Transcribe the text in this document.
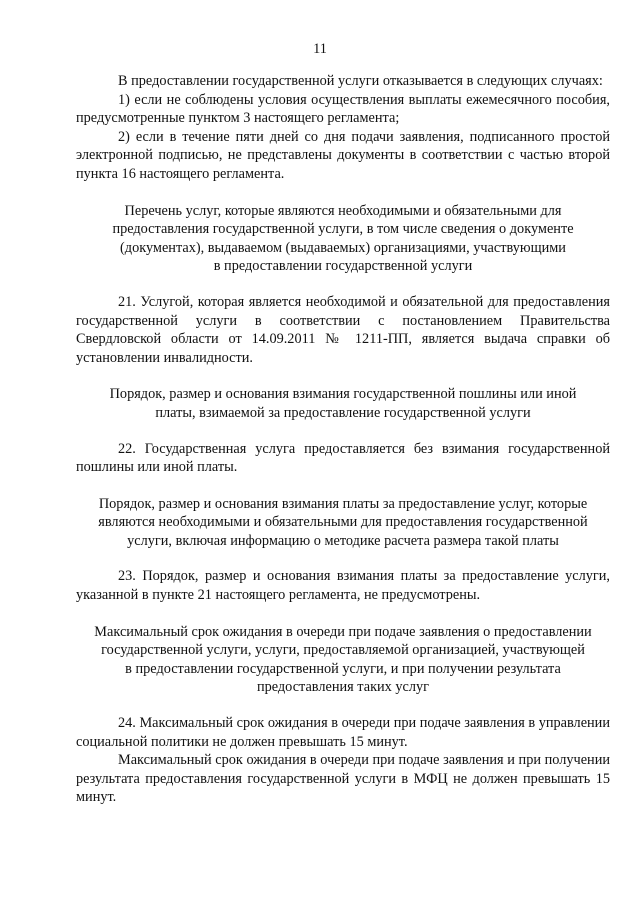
11

В предоставлении государственной услуги отказывается в следующих случаях:

1) если не соблюдены условия осуществления выплаты ежемесячного пособия, предусмотренные пунктом 3 настоящего регламента;

2) если в течение пяти дней со дня подачи заявления, подписанного простой электронной подписью, не представлены документы в соответствии с частью второй пункта 16 настоящего регламента.

Перечень услуг, которые являются необходимыми и обязательными для
предоставления государственной услуги, в том числе сведения о документе
(документах), выдаваемом (выдаваемых) организациями, участвующими
в предоставлении государственной услуги

21. Услугой, которая является необходимой и обязательной для предоставления государственной услуги в соответствии с постановлением Правительства Свердловской области от 14.09.2011 № 1211-ПП, является выдача справки об установлении инвалидности.

Порядок, размер и основания взимания государственной пошлины или иной
платы, взимаемой за предоставление государственной услуги

22. Государственная услуга предоставляется без взимания государственной пошлины или иной платы.

Порядок, размер и основания взимания платы за предоставление услуг, которые
являются необходимыми и обязательными для предоставления государственной
услуги, включая информацию о методике расчета размера такой платы

23. Порядок, размер и основания взимания платы за предоставление услуги, указанной в пункте 21 настоящего регламента, не предусмотрены.

Максимальный срок ожидания в очереди при подаче заявления о предоставлении
государственной услуги, услуги, предоставляемой организацией, участвующей
в предоставлении государственной услуги, и при получении результата
предоставления таких услуг

24. Максимальный срок ожидания в очереди при подаче заявления в управлении социальной политики не должен превышать 15 минут.

Максимальный срок ожидания в очереди при подаче заявления и при получении результата предоставления государственной услуги в МФЦ не должен превышать 15 минут.
